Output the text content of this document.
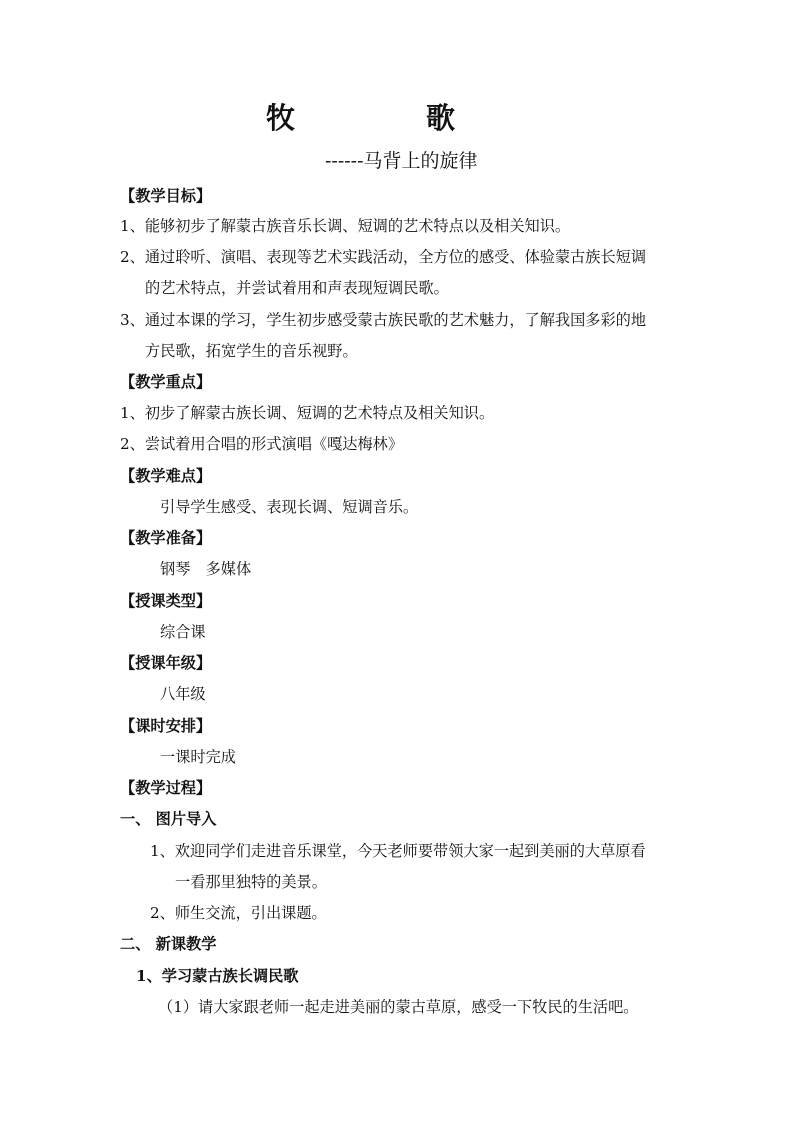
牧	歌
------马背上的旋律
【教学目标】
1、能够初步了解蒙古族音乐长调、短调的艺术特点以及相关知识。
2、通过聆听、演唱、表现等艺术实践活动，全方位的感受、体验蒙古族长短调
的艺术特点，并尝试着用和声表现短调民歌。
3、通过本课的学习，学生初步感受蒙古族民歌的艺术魅力，了解我国多彩的地
方民歌，拓宽学生的音乐视野。
【教学重点】
1、初步了解蒙古族长调、短调的艺术特点及相关知识。
2、尝试着用合唱的形式演唱《嘎达梅林》
【教学难点】
引导学生感受、表现长调、短调音乐。
【教学准备】
钢琴　多媒体
【授课类型】
综合课
【授课年级】
八年级
【课时安排】
一课时完成
【教学过程】
一、 图片导入
1、欢迎同学们走进音乐课堂，今天老师要带领大家一起到美丽的大草原看
一看那里独特的美景。
2、师生交流，引出课题。
二、 新课教学
1、学习蒙古族长调民歌
（1）请大家跟老师一起走进美丽的蒙古草原，感受一下牧民的生活吧。
